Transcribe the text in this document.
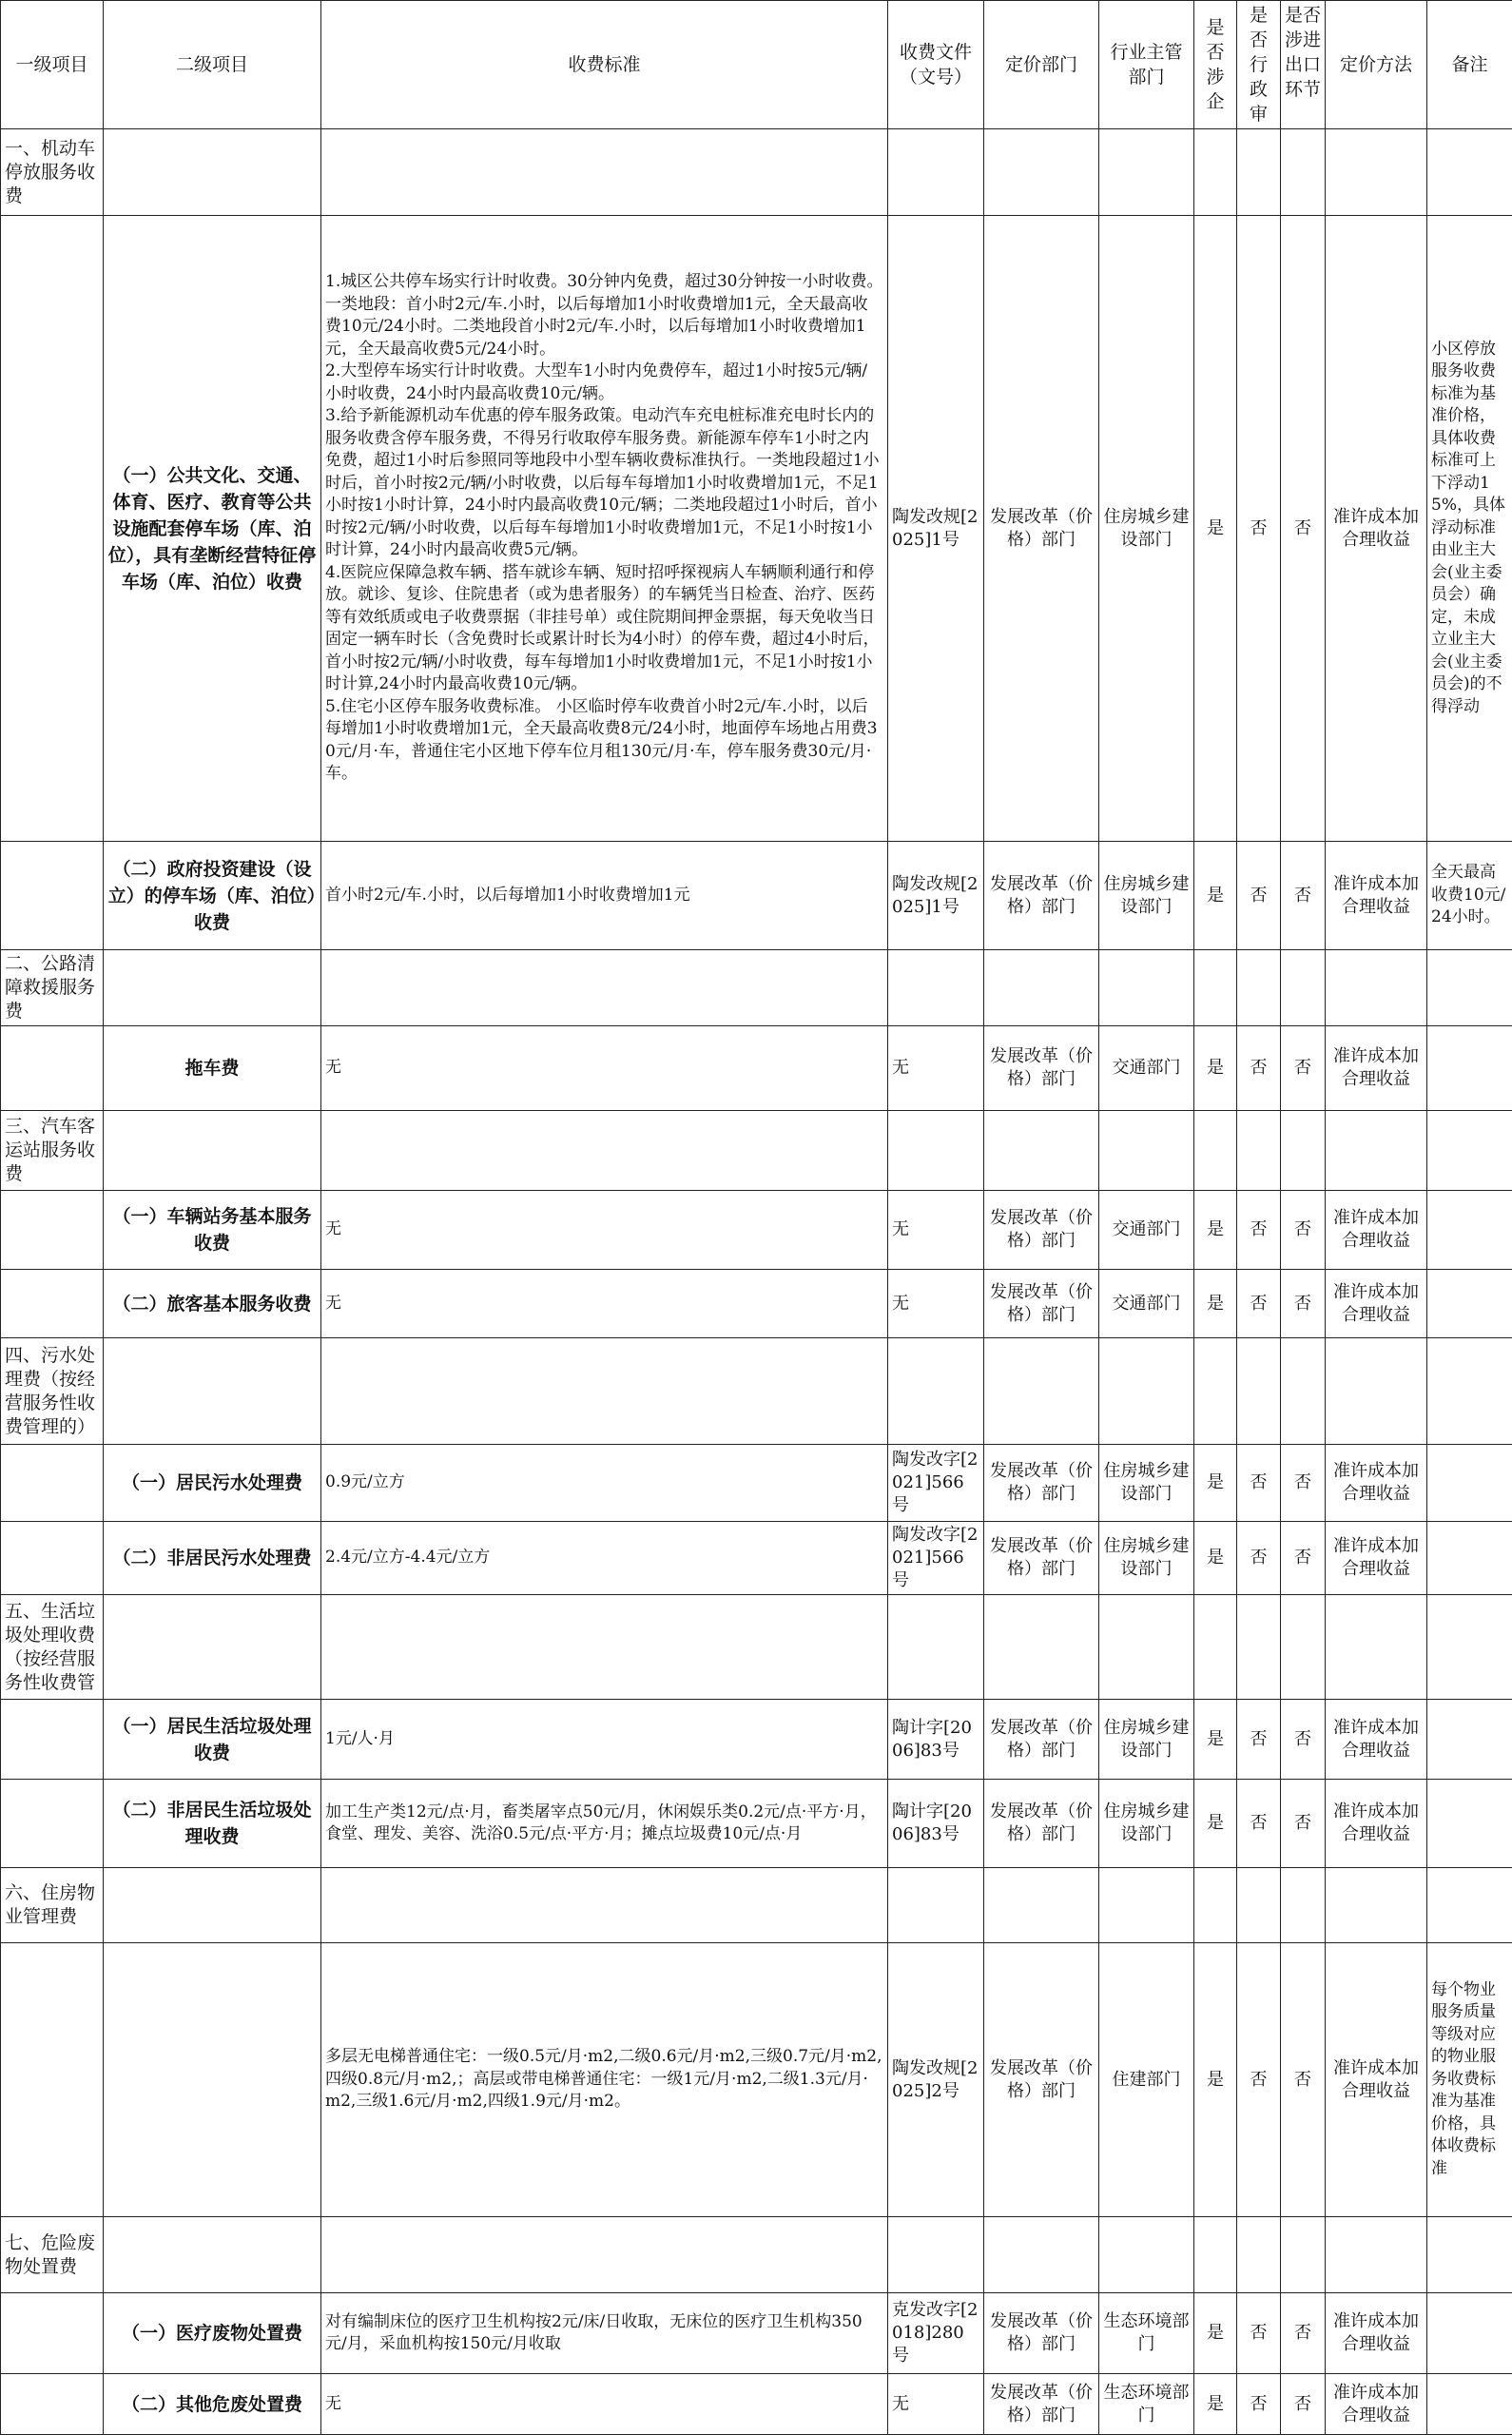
一级项目	二级项目	收费标准	收费文件（文号）	定价部门	行业主管部门	是否涉企	是否行政审	是否涉进出口环节	定价方法	备注
一、机动车停放服务收费										
	（一）公共文化、交通、体育、医疗、教育等公共设施配套停车场（库、泊位），具有垄断经营特征停车场（库、泊位）收费	1.城区公共停车场实行计时收费。30分钟内免费，超过30分钟按一小时收费。一类地段：首小时2元/车.小时，以后每增加1小时收费增加1元，全天最高收费10元/24小时。二类地段首小时2元/车.小时，以后每增加1小时收费增加1元，全天最高收费5元/24小时。
2.大型停车场实行计时收费。大型车1小时内免费停车，超过1小时按5元/辆/小时收费，24小时内最高收费10元/辆。
3.给予新能源机动车优惠的停车服务政策。电动汽车充电桩标准充电时长内的服务收费含停车服务费，不得另行收取停车服务费。新能源车停车1小时之内免费，超过1小时后参照同等地段中小型车辆收费标准执行。一类地段超过1小时后，首小时按2元/辆/小时收费，以后每车每增加1小时收费增加1元，不足1小时按1小时计算，24小时内最高收费10元/辆；二类地段超过1小时后，首小时按2元/辆/小时收费，以后每车每增加1小时收费增加1元，不足1小时按1小时计算，24小时内最高收费5元/辆。
4.医院应保障急救车辆、搭车就诊车辆、短时招呼探视病人车辆顺利通行和停放。就诊、复诊、住院患者（或为患者服务）的车辆凭当日检查、治疗、医药等有效纸质或电子收费票据（非挂号单）或住院期间押金票据，每天免收当日固定一辆车时长（含免费时长或累计时长为4小时）的停车费，超过4小时后，首小时按2元/辆/小时收费，每车每增加1小时收费增加1元，不足1小时按1小时计算,24小时内最高收费10元/辆。
5.住宅小区停车服务收费标准。 小区临时停车收费首小时2元/车.小时，以后每增加1小时收费增加1元，全天最高收费8元/24小时，地面停车场地占用费30元/月·车，普通住宅小区地下停车位月租130元/月·车，停车服务费30元/月·车。	陶发改规[2025]1号	发展改革（价格）部门	住房城乡建设部门	是	否	否	准许成本加合理收益	小区停放服务收费标准为基准价格，具体收费标准可上下浮动15%，具体浮动标准由业主大会(业主委员会）确定，未成立业主大会(业主委员会)的不得浮动
	（二）政府投资建设（设立）的停车场（库、泊位）收费	首小时2元/车.小时，以后每增加1小时收费增加1元	陶发改规[2025]1号	发展改革（价格）部门	住房城乡建设部门	是	否	否	准许成本加合理收益	全天最高收费10元/24小时。
二、公路清障救援服务费										
	拖车费	无	无	发展改革（价格）部门	交通部门	是	否	否	准许成本加合理收益	
三、汽车客运站服务收费										
	（一）车辆站务基本服务收费	无	无	发展改革（价格）部门	交通部门	是	否	否	准许成本加合理收益	
	（二）旅客基本服务收费	无	无	发展改革（价格）部门	交通部门	是	否	否	准许成本加合理收益	
四、污水处理费（按经营服务性收费管理的）										
	（一）居民污水处理费	0.9元/立方	陶发改字[2021]566号	发展改革（价格）部门	住房城乡建设部门	是	否	否	准许成本加合理收益	
	（二）非居民污水处理费	2.4元/立方-4.4元/立方	陶发改字[2021]566号	发展改革（价格）部门	住房城乡建设部门	是	否	否	准许成本加合理收益	
五、生活垃圾处理收费（按经营服务性收费管										
	（一）居民生活垃圾处理收费	1元/人·月	陶计字[2006]83号	发展改革（价格）部门	住房城乡建设部门	是	否	否	准许成本加合理收益	
	（二）非居民生活垃圾处理收费	加工生产类12元/点·月，畜类屠宰点50元/月，休闲娱乐类0.2元/点·平方·月，食堂、理发、美容、洗浴0.5元/点·平方·月；摊点垃圾费10元/点·月	陶计字[2006]83号	发展改革（价格）部门	住房城乡建设部门	是	否	否	准许成本加合理收益	
六、住房物业管理费										
		多层无电梯普通住宅：一级0.5元/月·m2,二级0.6元/月·m2,三级0.7元/月·m2,四级0.8元/月·m2,；高层或带电梯普通住宅：一级1元/月·m2,二级1.3元/月·m2,三级1.6元/月·m2,四级1.9元/月·m2。	陶发改规[2025]2号	发展改革（价格）部门	住建部门	是	否	否	准许成本加合理收益	每个物业服务质量等级对应的物业服务收费标准为基准价格，具体收费标准
七、危险废物处置费										
	（一）医疗废物处置费	对有编制床位的医疗卫生机构按2元/床/日收取，无床位的医疗卫生机构350元/月，采血机构按150元/月收取	克发改字[2018]280号	发展改革（价格）部门	生态环境部门	是	否	否	准许成本加合理收益	
	（二）其他危废处置费	无	无	发展改革（价格）部门	生态环境部门	是	否	否	准许成本加合理收益	
